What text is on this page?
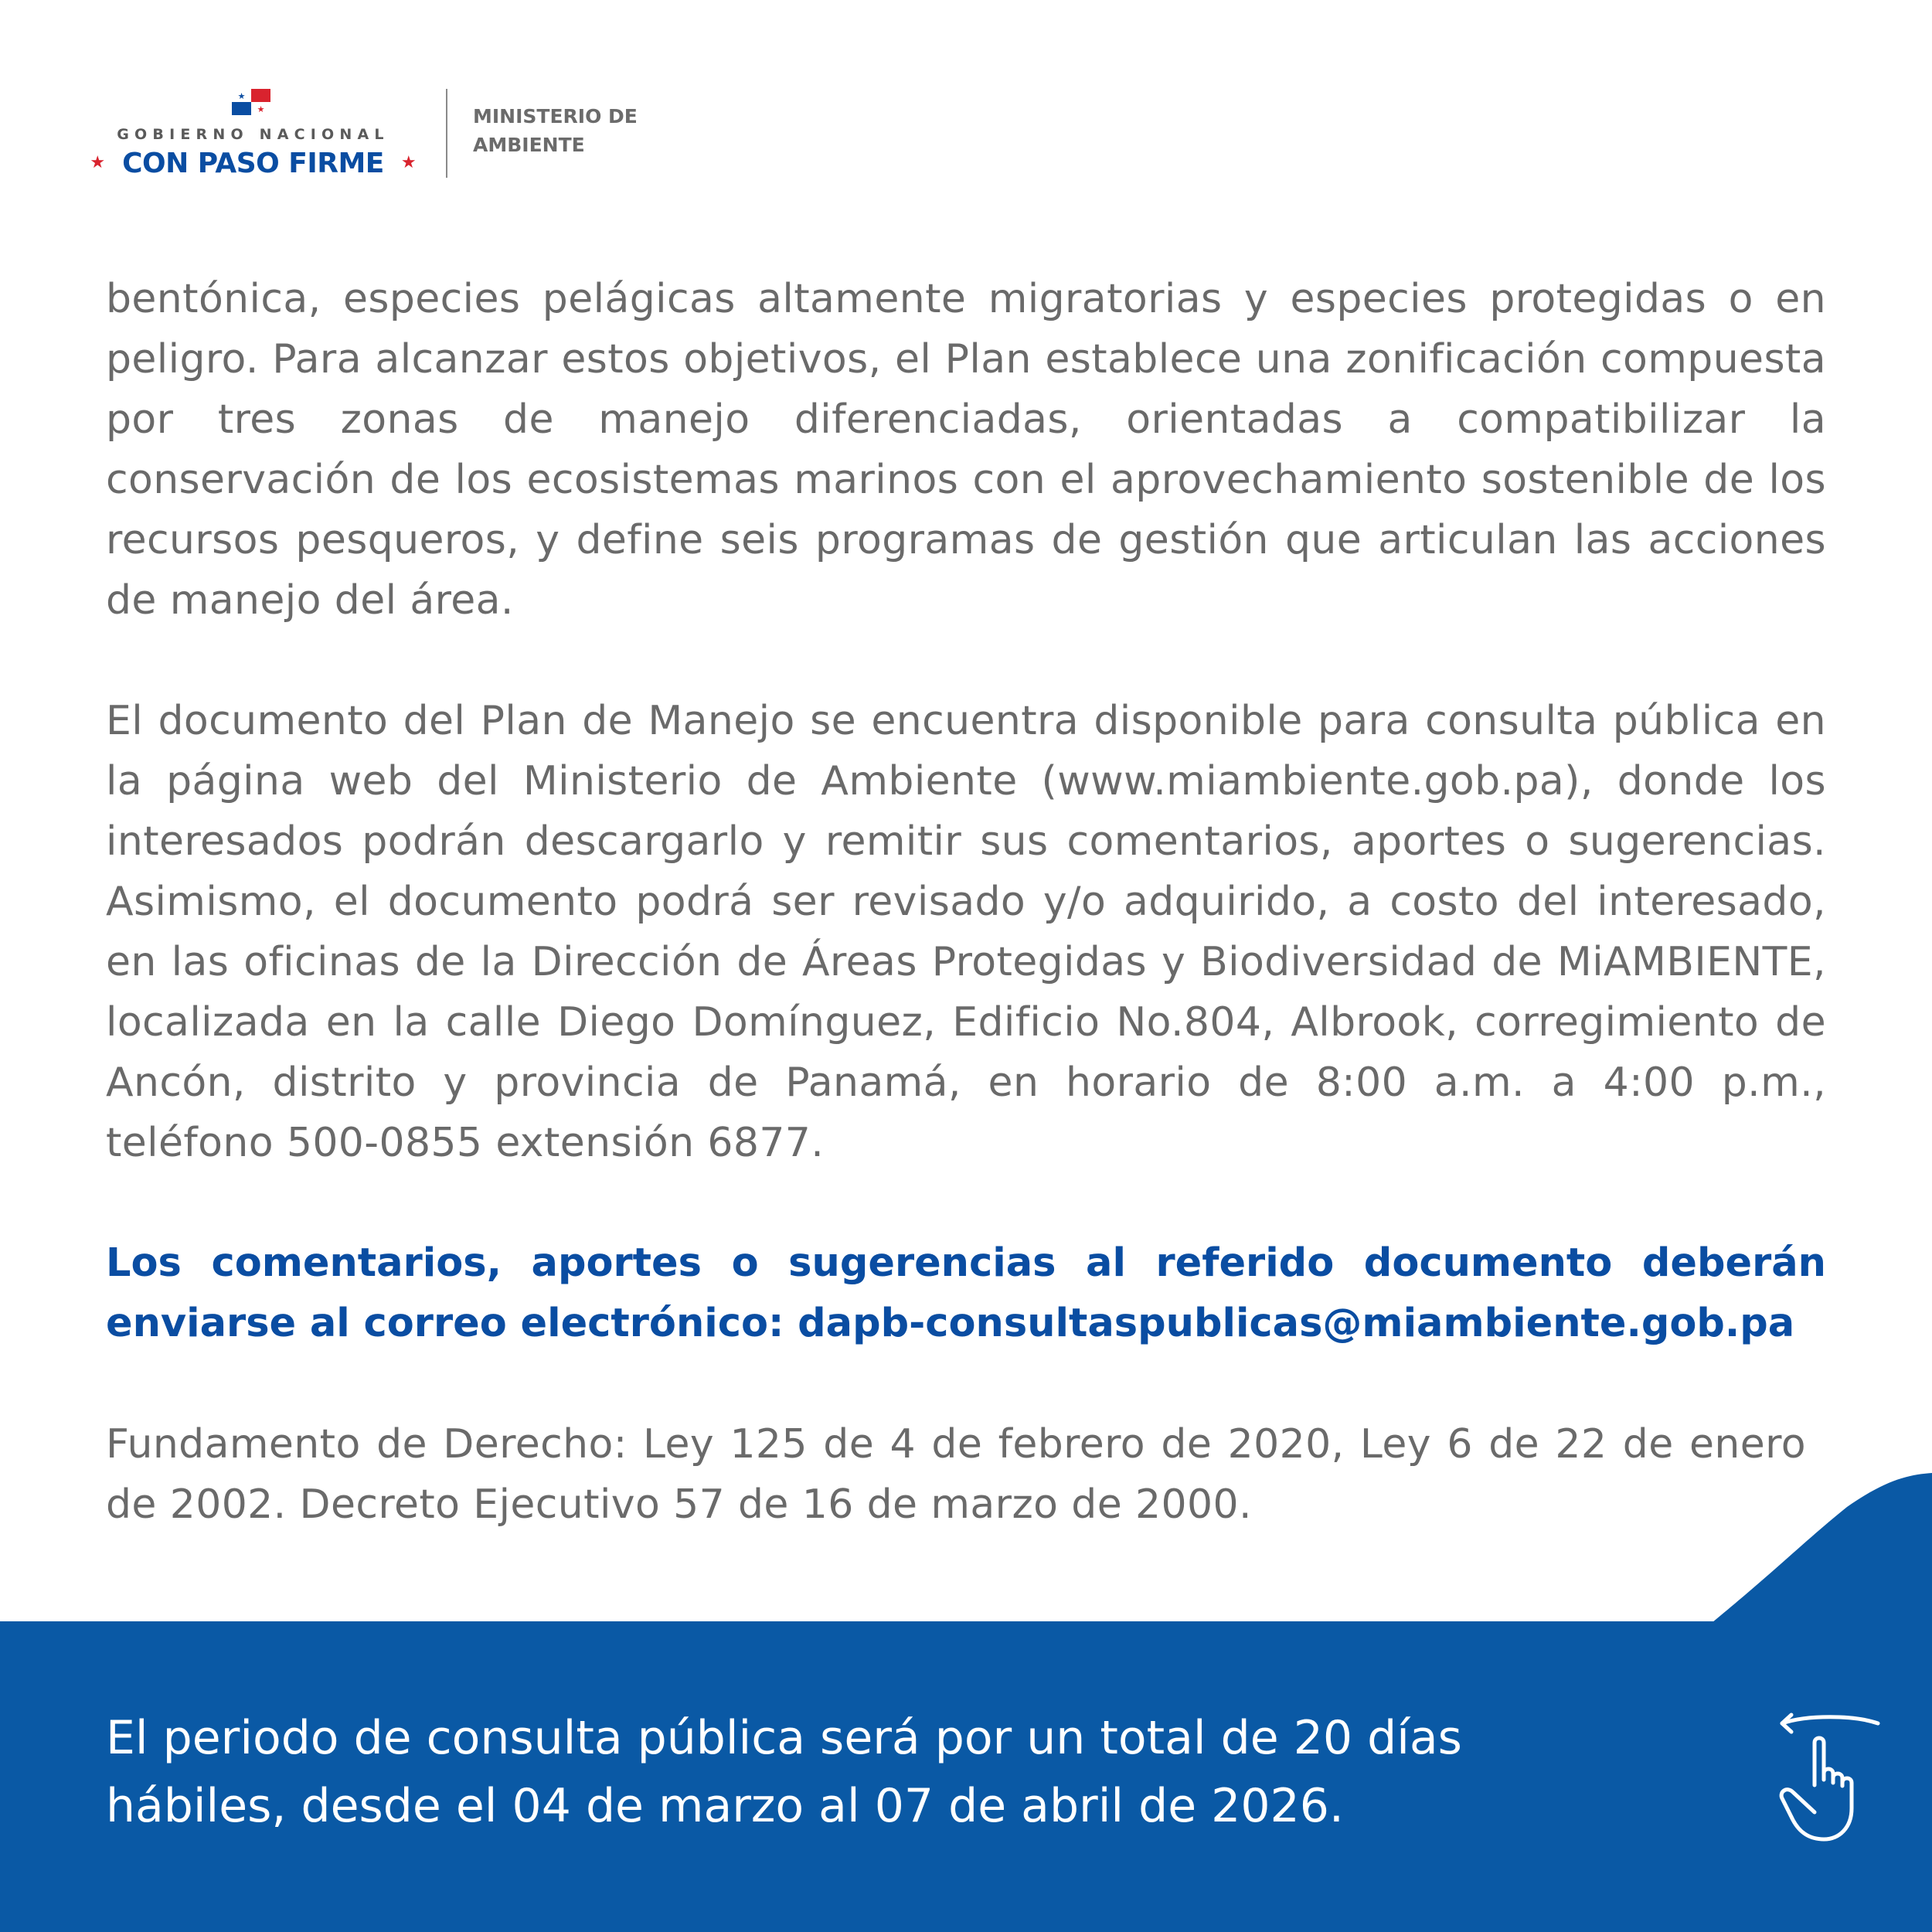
★
★
GOBIERNO NACIONAL
★ CON PASO FIRME ★
MINISTERIO DE
AMBIENTE

bentónica, especies pelágicas altamente migratorias y especies protegidas o en peligro. Para alcanzar estos objetivos, el Plan establece una zonificación compuesta por tres zonas de manejo diferenciadas, orientadas a compatibilizar la conservación de los ecosistemas marinos con el aprovechamiento sostenible de los recursos pesqueros, y define seis programas de gestión que articulan las acciones de manejo del área.

El documento del Plan de Manejo se encuentra disponible para consulta pública en la página web del Ministerio de Ambiente (www.miambiente.gob.pa), donde los interesados podrán descargarlo y remitir sus comentarios, aportes o sugerencias. Asimismo, el documento podrá ser revisado y/o adquirido, a costo del interesado, en las oficinas de la Dirección de Áreas Protegidas y Biodiversidad de MiAMBIENTE, localizada en la calle Diego Domínguez, Edificio No.804, Albrook, corregimiento de Ancón, distrito y provincia de Panamá, en horario de 8:00 a.m. a 4:00 p.m., teléfono 500-0855 extensión 6877.

Los comentarios, aportes o sugerencias al referido documento deberán enviarse al correo electrónico: dapb-consultaspublicas@miambiente.gob.pa

Fundamento de Derecho: Ley 125 de 4 de febrero de 2020, Ley 6 de 22 de enero de 2002. Decreto Ejecutivo 57 de 16 de marzo de 2000.

El periodo de consulta pública será por un total de 20 días
hábiles, desde el 04 de marzo al 07 de abril de 2026.
